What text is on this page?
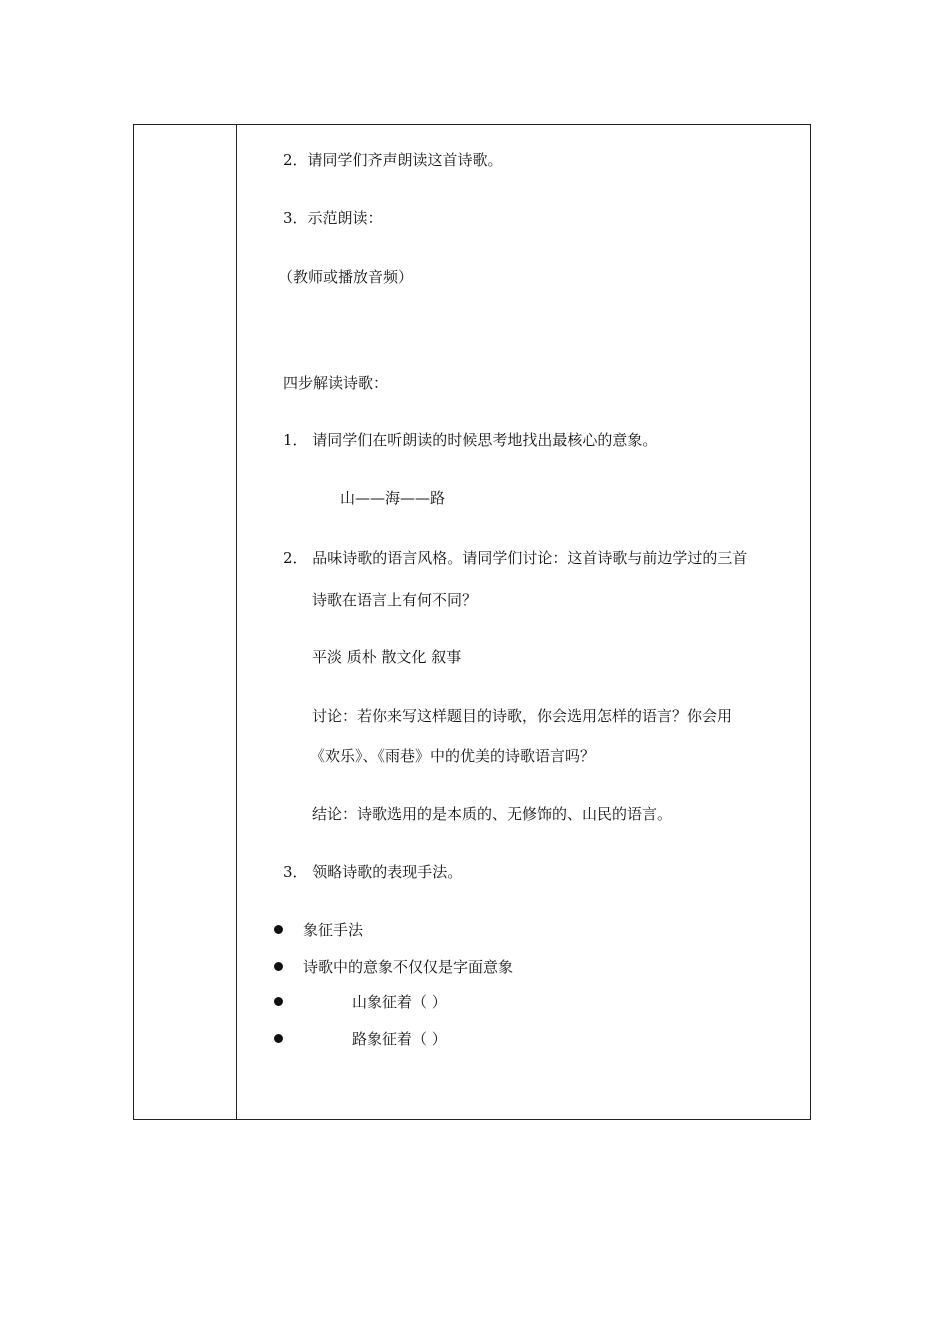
2．请同学们齐声朗读这首诗歌。
3．示范朗读：
（教师或播放音频）
四步解读诗歌：
1． 请同学们在听朗读的时候思考地找出最核心的意象。
山——海——路
2． 品味诗歌的语言风格。请同学们讨论：这首诗歌与前边学过的三首
诗歌在语言上有何不同？
平淡 质朴 散文化 叙事
讨论：若你来写这样题目的诗歌，你会选用怎样的语言？你会用
《欢乐》、《雨巷》中的优美的诗歌语言吗？
结论：诗歌选用的是本质的、无修饰的、山民的语言。
3． 领略诗歌的表现手法。
象征手法
诗歌中的意象不仅仅是字面意象
山象征着（ ）
路象征着（ ）
